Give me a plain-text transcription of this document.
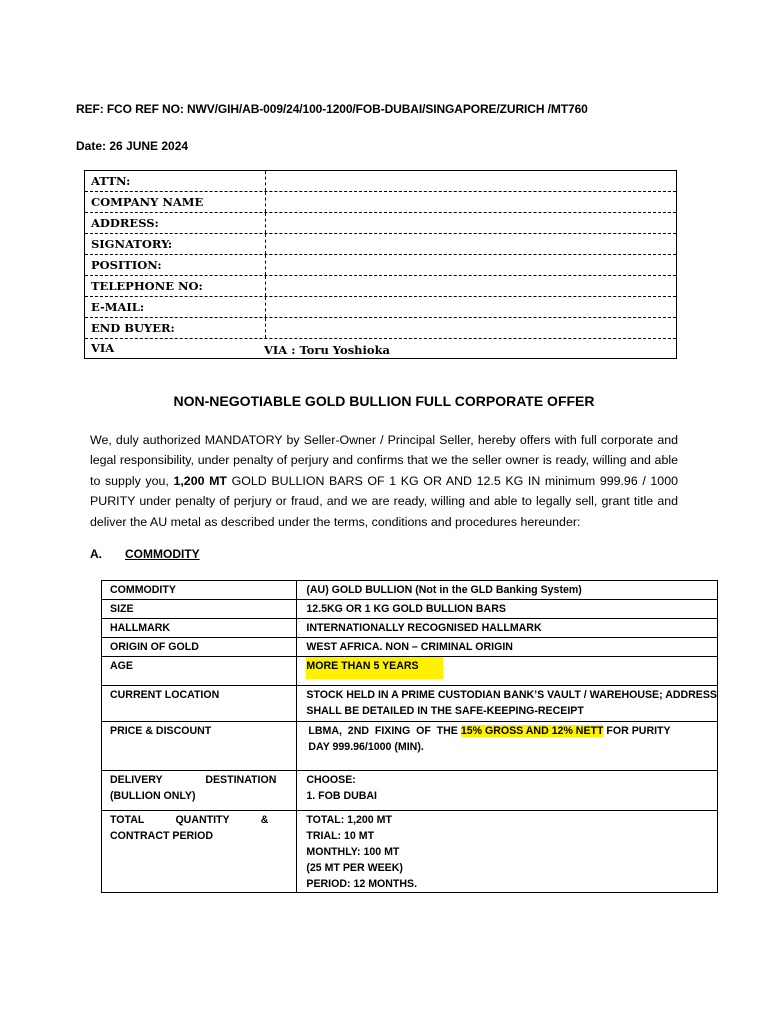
REF: FCO REF NO: NWV/GIH/AB-009/24/100-1200/FOB-DUBAI/SINGAPORE/ZURICH /MT760
Date: 26 JUNE 2024
ATTN:
COMPANY NAME
ADDRESS:
SIGNATORY:
POSITION:
TELEPHONE NO:
E-MAIL:
END BUYER:
VIA	VIA : Toru Yoshioka
NON-NEGOTIABLE GOLD BULLION FULL CORPORATE OFFER
We, duly authorized MANDATORY by Seller-Owner / Principal Seller, hereby offers with full corporate and legal responsibility, under penalty of perjury and confirms that we the seller owner is ready, willing and able to supply you, 1,200 MT GOLD BULLION BARS OF 1 KG OR AND 12.5 KG IN minimum 999.96 / 1000 PURITY under penalty of perjury or fraud, and we are ready, willing and able to legally sell, grant title and deliver the AU metal as described under the terms, conditions and procedures hereunder:
A. COMMODITY
COMMODITY	(AU) GOLD BULLION (Not in the GLD Banking System)
SIZE	12.5KG OR 1 KG GOLD BULLION BARS
HALLMARK	INTERNATIONALLY RECOGNISED HALLMARK
ORIGIN OF GOLD	WEST AFRICA. NON – CRIMINAL ORIGIN
AGE	MORE THAN 5 YEARS
CURRENT LOCATION	STOCK HELD IN A PRIME CUSTODIAN BANK’S VAULT / WAREHOUSE; ADDRESS
SHALL BE DETAILED IN THE SAFE-KEEPING-RECEIPT

PRICE & DISCOUNT	LBMA,  2ND  FIXING  OF  THE 15% GROSS AND 12% NETT FOR PURITY
DAY 999.96/1000 (MIN).

DELIVERY DESTINATION
(BULLION ONLY)	CHOOSE:
1. FOB DUBAI

TOTAL QUANTITY &
CONTRACT PERIOD	TOTAL: 1,200 MT
TRIAL: 10 MT
MONTHLY: 100 MT
(25 MT PER WEEK)
PERIOD: 12 MONTHS.
